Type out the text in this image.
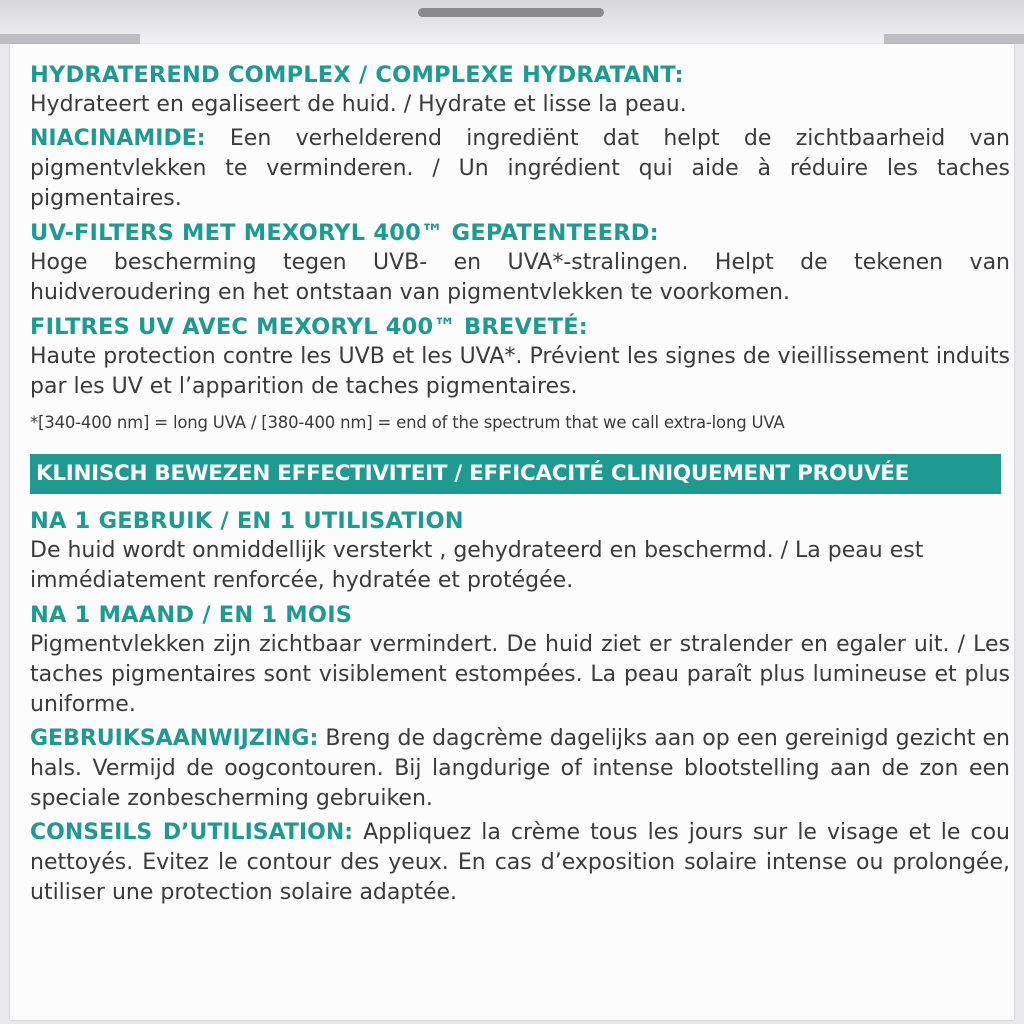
HYDRATEREND COMPLEX / COMPLEXE HYDRATANT:
Hydrateert en egaliseert de huid. / Hydrate et lisse la peau.
NIACINAMIDE: Een verhelderend ingrediënt dat helpt de zichtbaarheid van pigmentvlekken te verminderen. / Un ingrédient qui aide à réduire les taches pigmentaires.
UV-FILTERS MET MEXORYL 400™ GEPATENTEERD:
Hoge bescherming tegen UVB- en UVA*-stralingen. Helpt de tekenen van huidveroudering en het ontstaan van pigmentvlekken te voorkomen.
FILTRES UV AVEC MEXORYL 400™ BREVETÉ:
Haute protection contre les UVB et les UVA*. Prévient les signes de vieillissement induits par les UV et l’apparition de taches pigmentaires.
*[340-400 nm] = long UVA / [380-400 nm] = end of the spectrum that we call extra-long UVA
KLINISCH BEWEZEN EFFECTIVITEIT / EFFICACITÉ CLINIQUEMENT PROUVÉE
NA 1 GEBRUIK / EN 1 UTILISATION
De huid wordt onmiddellijk versterkt , gehydrateerd en beschermd. / La peau est immédiatement renforcée, hydratée et protégée.
NA 1 MAAND / EN 1 MOIS
Pigmentvlekken zijn zichtbaar vermindert. De huid ziet er stralender en egaler uit. / Les taches pigmentaires sont visiblement estompées. La peau paraît plus lumineuse et plus uniforme.
GEBRUIKSAANWIJZING: Breng de dagcrème dagelijks aan op een gereinigd gezicht en hals. Vermijd de oogcontouren. Bij langdurige of intense blootstelling aan de zon een speciale zonbescherming gebruiken.
CONSEILS D’UTILISATION: Appliquez la crème tous les jours sur le visage et le cou nettoyés. Evitez le contour des yeux. En cas d’exposition solaire intense ou prolongée, utiliser une protection solaire adaptée.
